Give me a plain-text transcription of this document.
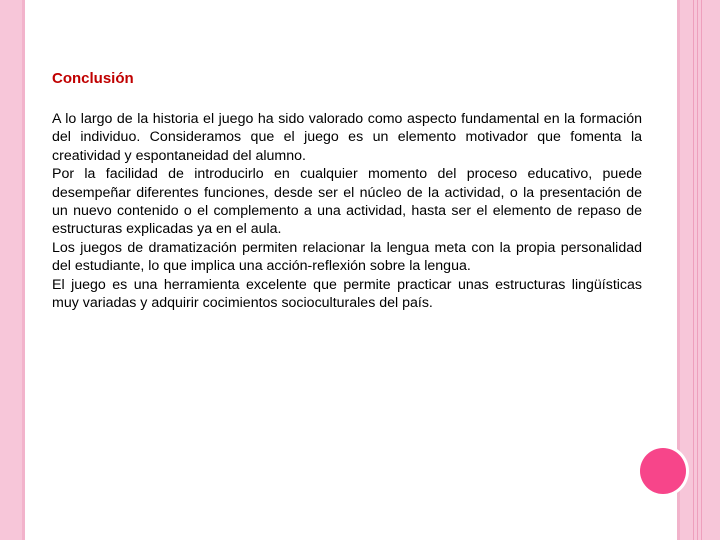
Conclusión

A lo largo de la historia el juego ha sido valorado como aspecto fundamental en la formación del individuo. Consideramos que el juego es un elemento motivador que fomenta la creatividad y espontaneidad del alumno.

Por la facilidad de introducirlo en cualquier momento del proceso educativo, puede desempeñar diferentes funciones, desde ser el núcleo de la actividad, o la presentación de un nuevo contenido o el complemento a una actividad, hasta ser el elemento de repaso de estructuras explicadas ya en el aula.

Los juegos de dramatización permiten relacionar la lengua meta con la propia personalidad del estudiante, lo que implica una acción-reflexión sobre la lengua.

El juego es una herramienta excelente que permite practicar unas estructuras lingüísticas muy variadas y adquirir cocimientos socioculturales del país.
